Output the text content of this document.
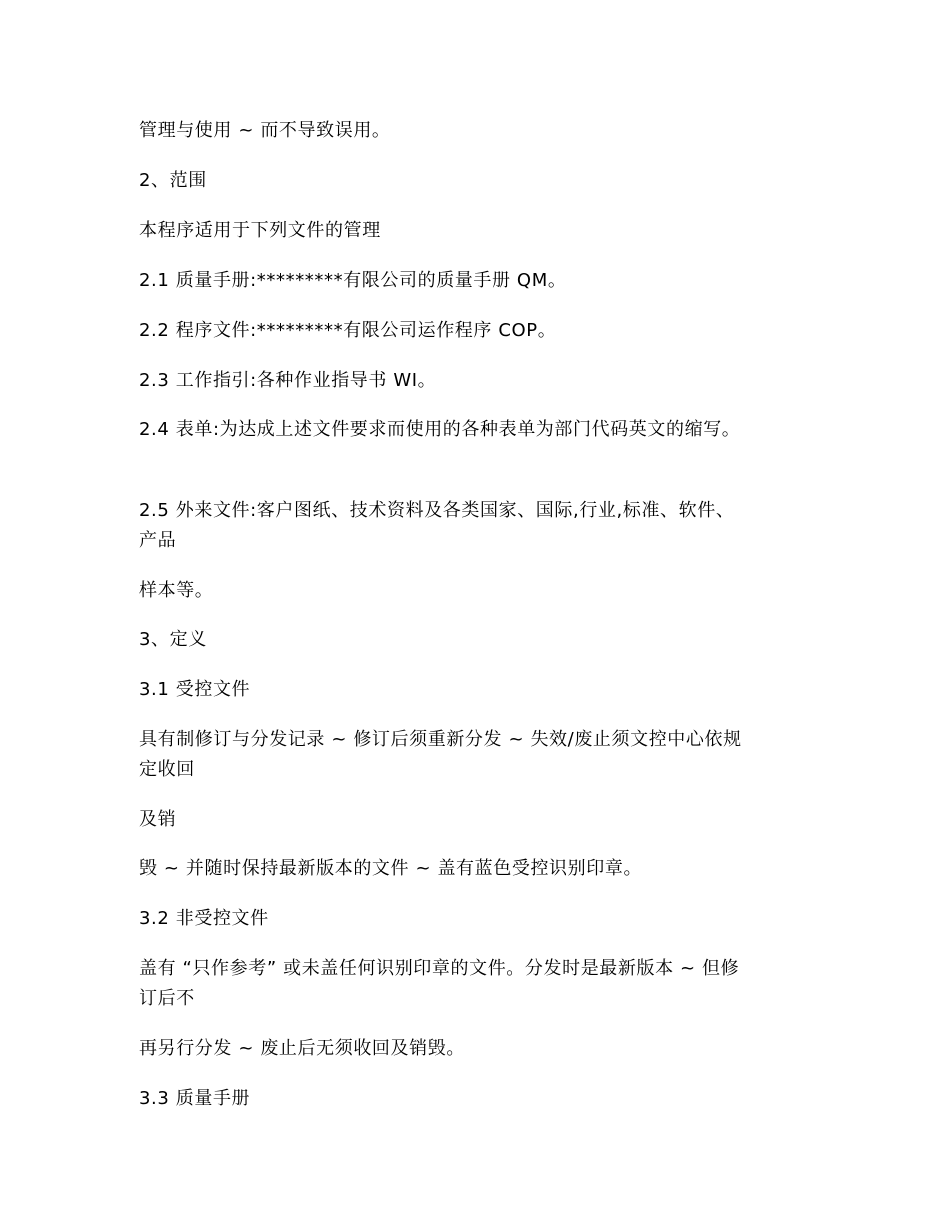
管理与使用 ~ 而不导致误用。
2、范围
本程序适用于下列文件的管理
2.1 质量手册:*********有限公司的质量手册 QM。
2.2 程序文件:*********有限公司运作程序 COP。
2.3 工作指引:各种作业指导书 WI。
2.4 表单:为达成上述文件要求而使用的各种表单为部门代码英文的缩写。
2.5 外来文件:客户图纸、技术资料及各类国家、国际,行业,标准、软件、
产品
样本等。
3、定义
3.1 受控文件
具有制修订与分发记录 ~ 修订后须重新分发 ~ 失效/废止须文控中心依规
定收回
及销
毁 ~ 并随时保持最新版本的文件 ~ 盖有蓝色受控识别印章。
3.2 非受控文件
盖有 “只作参考” 或未盖任何识别印章的文件。分发时是最新版本 ~ 但修
订后不
再另行分发 ~ 废止后无须收回及销毁。
3.3 质量手册
